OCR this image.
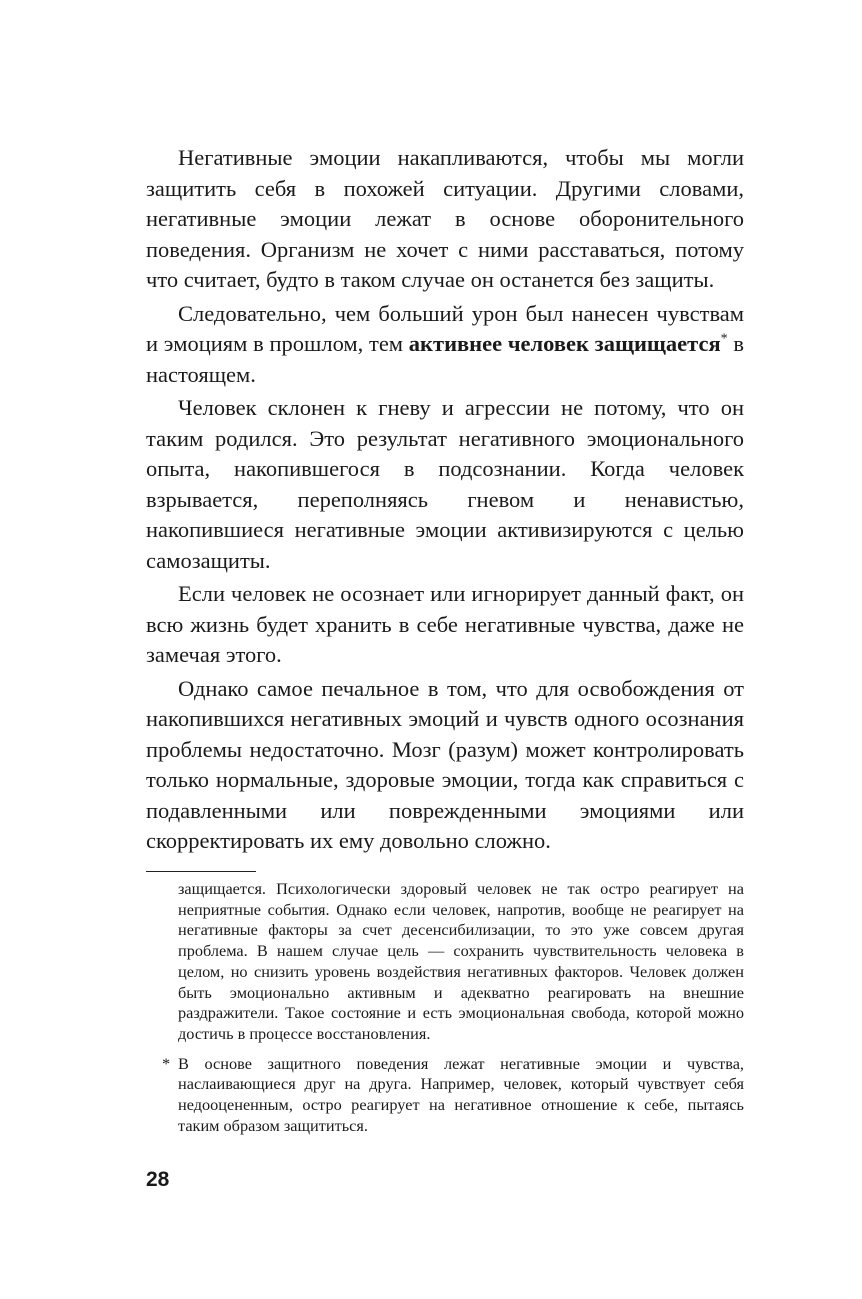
Негативные эмоции накапливаются, чтобы мы могли защитить себя в похожей ситуации. Другими словами, негативные эмоции лежат в основе оборонительного поведения. Организм не хочет с ними расставаться, потому что считает, будто в таком случае он останется без защиты.

Следовательно, чем больший урон был нанесен чувствам и эмоциям в прошлом, тем активнее человек защищается* в настоящем.

Человек склонен к гневу и агрессии не потому, что он таким родился. Это результат негативного эмоционального опыта, накопившегося в подсознании. Когда человек взрывается, переполняясь гневом и ненавистью, накопившиеся негативные эмоции активизируются с целью самозащиты.

Если человек не осознает или игнорирует данный факт, он всю жизнь будет хранить в себе негативные чувства, даже не замечая этого.

Однако самое печальное в том, что для освобождения от накопившихся негативных эмоций и чувств одного осознания проблемы недостаточно. Мозг (разум) может контролировать только нормальные, здоровые эмоции, тогда как справиться с подавленными или поврежденными эмоциями или скорректировать их ему довольно сложно.

защищается. Психологически здоровый человек не так остро реагирует на неприятные события. Однако если человек, напротив, вообще не реагирует на негативные факторы за счет десенсибилизации, то это уже совсем другая проблема. В нашем случае цель — сохранить чувствительность человека в целом, но снизить уровень воздействия негативных факторов. Человек должен быть эмоционально активным и адекватно реагировать на внешние раздражители. Такое состояние и есть эмоциональная свобода, которой можно достичь в процессе восстановления.

* В основе защитного поведения лежат негативные эмоции и чувства, наслаивающиеся друг на друга. Например, человек, который чувствует себя недооцененным, остро реагирует на негативное отношение к себе, пытаясь таким образом защититься.

28
